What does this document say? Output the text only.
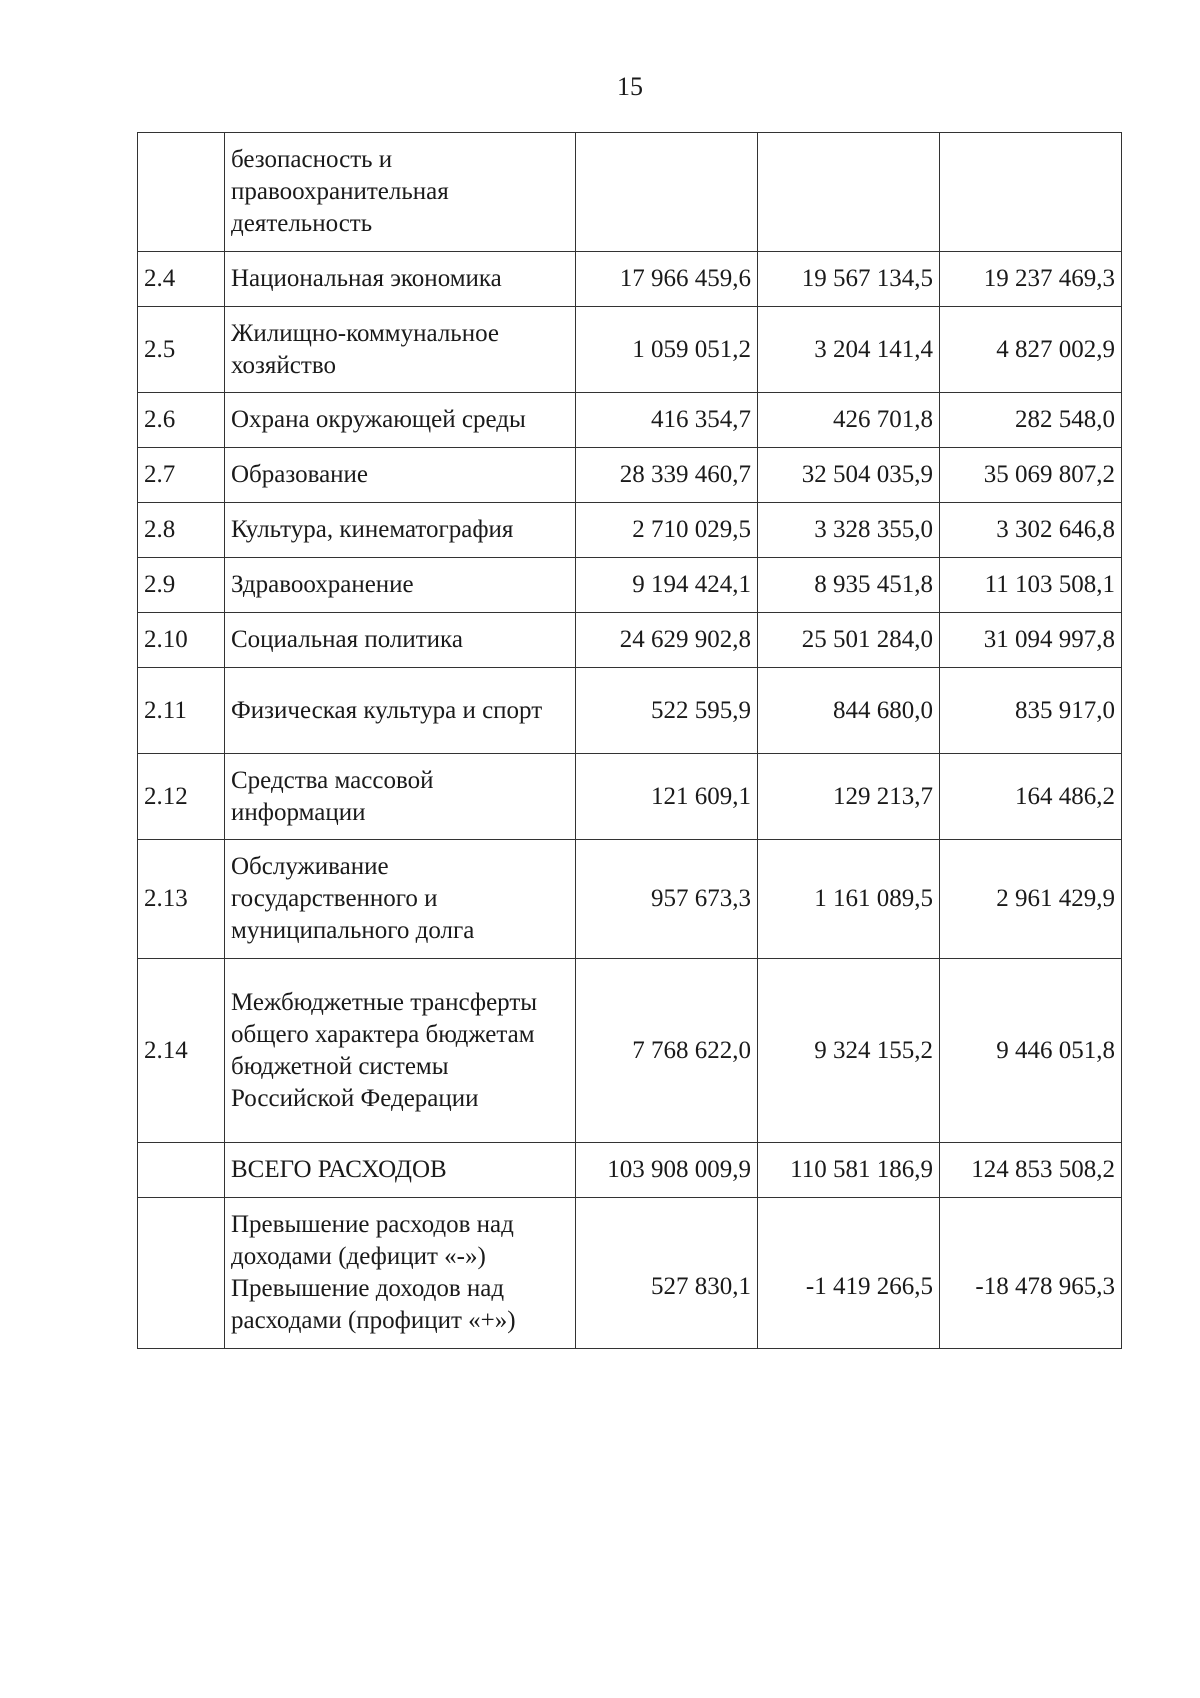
15
	безопасность и правоохранительная деятельность			
2.4	Национальная экономика	17 966 459,6	19 567 134,5	19 237 469,3
2.5	Жилищно-коммунальное хозяйство	1 059 051,2	3 204 141,4	4 827 002,9
2.6	Охрана окружающей среды	416 354,7	426 701,8	282 548,0
2.7	Образование	28 339 460,7	32 504 035,9	35 069 807,2
2.8	Культура, кинематография	2 710 029,5	3 328 355,0	3 302 646,8
2.9	Здравоохранение	9 194 424,1	8 935 451,8	11 103 508,1
2.10	Социальная политика	24 629 902,8	25 501 284,0	31 094 997,8
2.11	Физическая культура и спорт	522 595,9	844 680,0	835 917,0
2.12	Средства массовой информации	121 609,1	129 213,7	164 486,2
2.13	Обслуживание государственного и муниципального долга	957 673,3	1 161 089,5	2 961 429,9
2.14	Межбюджетные трансферты общего характера бюджетам бюджетной системы Российской Федерации	7 768 622,0	9 324 155,2	9 446 051,8
	ВСЕГО РАСХОДОВ	103 908 009,9	110 581 186,9	124 853 508,2
	Превышение расходов над доходами (дефицит «-») Превышение доходов над расходами (профицит «+»)	527 830,1	-1 419 266,5	-18 478 965,3
